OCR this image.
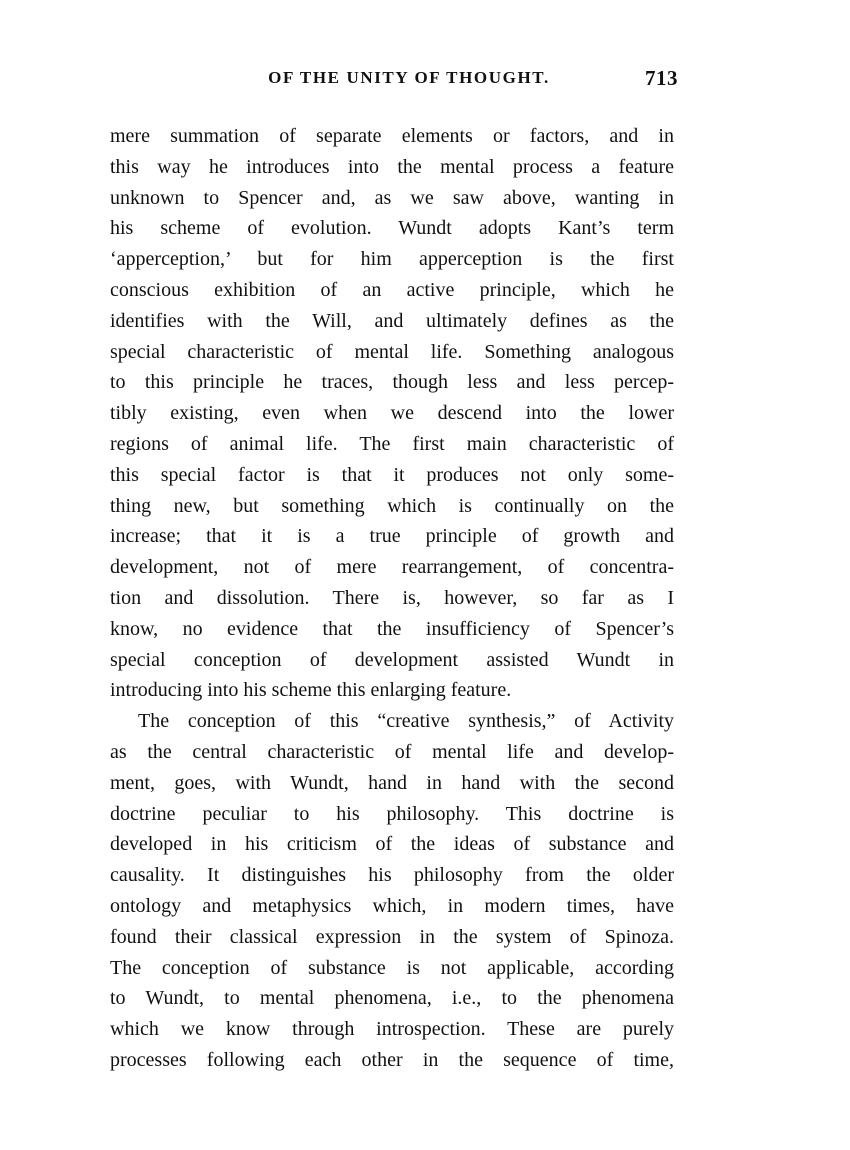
OF THE UNITY OF THOUGHT.	713
mere summation of separate elements or factors, and in
this way he introduces into the mental process a feature
unknown to Spencer and, as we saw above, wanting in
his scheme of evolution. Wundt adopts Kant’s term
‘apperception,’ but for him apperception is the first
conscious exhibition of an active principle, which he
identifies with the Will, and ultimately defines as the
special characteristic of mental life. Something analogous
to this principle he traces, though less and less percep-
tibly existing, even when we descend into the lower
regions of animal life. The first main characteristic of
this special factor is that it produces not only some-
thing new, but something which is continually on the
increase; that it is a true principle of growth and
development, not of mere rearrangement, of concentra-
tion and dissolution. There is, however, so far as I
know, no evidence that the insufficiency of Spencer’s
special conception of development assisted Wundt in
introducing into his scheme this enlarging feature.
The conception of this “creative synthesis,” of Activity
as the central characteristic of mental life and develop-
ment, goes, with Wundt, hand in hand with the second
doctrine peculiar to his philosophy. This doctrine is
developed in his criticism of the ideas of substance and
causality. It distinguishes his philosophy from the older
ontology and metaphysics which, in modern times, have
found their classical expression in the system of Spinoza.
The conception of substance is not applicable, according
to Wundt, to mental phenomena, i.e., to the phenomena
which we know through introspection. These are purely
processes following each other in the sequence of time,
